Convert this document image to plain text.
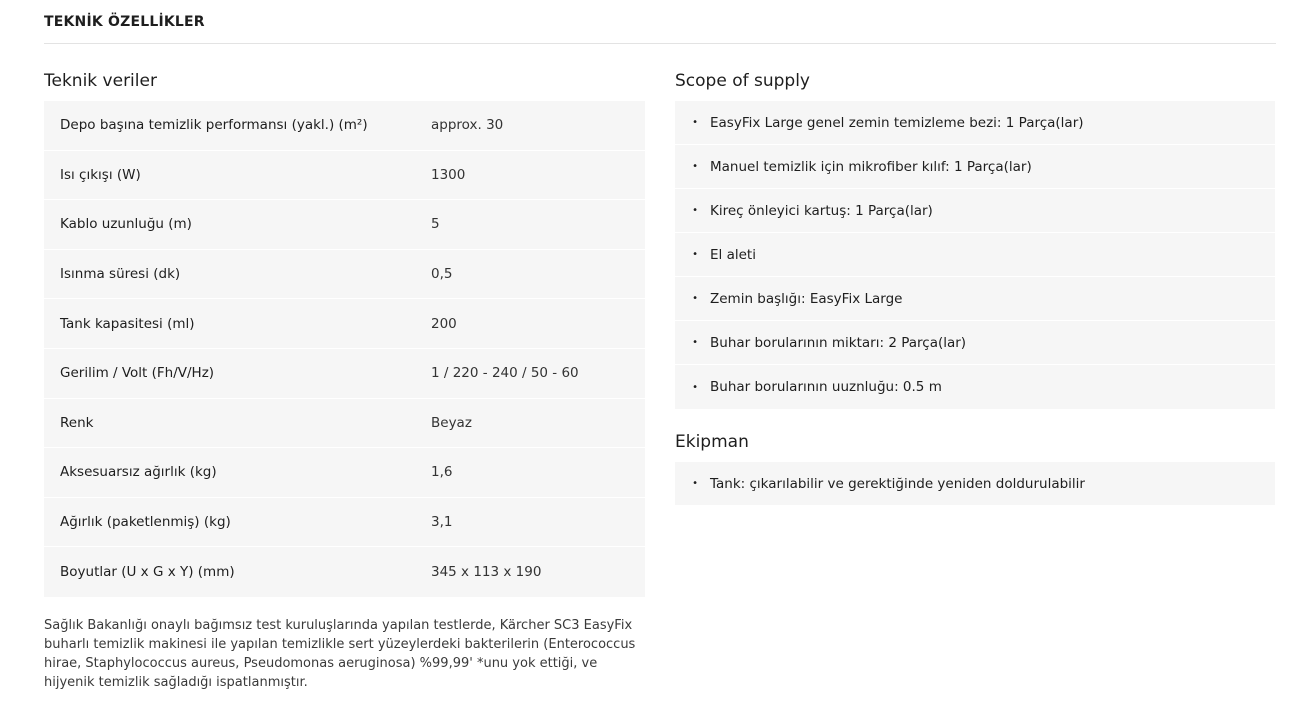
TEKNİK ÖZELLİKLER
Teknik veriler
Depo başına temizlik performansı (yakl.) (m²)	approx. 30
Isı çıkışı (W)	1300
Kablo uzunluğu (m)	5
Isınma süresi (dk)	0,5
Tank kapasitesi (ml)	200
Gerilim / Volt (Fh/V/Hz)	1 / 220 - 240 / 50 - 60
Renk	Beyaz
Aksesuarsız ağırlık (kg)	1,6
Ağırlık (paketlenmiş) (kg)	3,1
Boyutlar (U x G x Y) (mm)	345 x 113 x 190

Sağlık Bakanlığı onaylı bağımsız test kuruluşlarında yapılan testlerde, Kärcher SC3 EasyFix buharlı temizlik makinesi ile yapılan temizlikle sert yüzeylerdeki bakterilerin (Enterococcus hirae, Staphylococcus aureus, Pseudomonas aeruginosa) %99,99' *unu yok ettiği, ve hijyenik temizlik sağladığı ispatlanmıştır.

Scope of supply
• EasyFix Large genel zemin temizleme bezi: 1 Parça(lar)
• Manuel temizlik için mikrofiber kılıf: 1 Parça(lar)
• Kireç önleyici kartuş: 1 Parça(lar)
• El aleti
• Zemin başlığı: EasyFix Large
• Buhar borularının miktarı: 2 Parça(lar)
• Buhar borularının uuznluğu: 0.5 m
Ekipman
• Tank: çıkarılabilir ve gerektiğinde yeniden doldurulabilir
